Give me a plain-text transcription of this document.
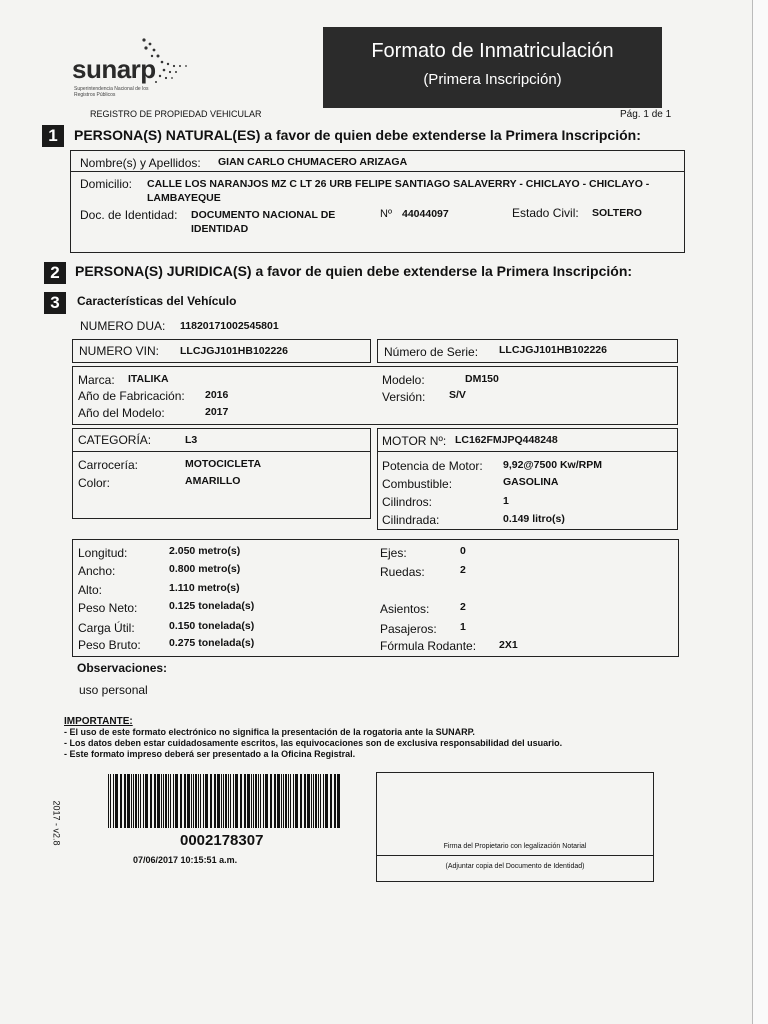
sunarp
Superintendencia Nacional de los Registros Públicos
Formato de Inmatriculación
(Primera Inscripción)
REGISTRO DE PROPIEDAD VEHICULAR	Pág. 1 de 1
1	PERSONA(S) NATURAL(ES) a favor de quien debe extenderse la Primera Inscripción:
Nombre(s) y Apellidos: GIAN CARLO CHUMACERO ARIZAGA
Domicilio: CALLE LOS NARANJOS MZ C LT 26 URB FELIPE SANTIAGO SALAVERRY - CHICLAYO - CHICLAYO - LAMBAYEQUE
Doc. de Identidad: DOCUMENTO NACIONAL DE IDENTIDAD
Nº 44044097	Estado Civil: SOLTERO
2	PERSONA(S) JURIDICA(S) a favor de quien debe extenderse la Primera Inscripción:
3	Características del Vehículo
NUMERO DUA: 11820171002545801
NUMERO VIN: LLCJGJ101HB102226	Número de Serie: LLCJGJ101HB102226
Marca: ITALIKA
Año de Fabricación: 2016
Año del Modelo:	2017
Modelo:	DM150
Versión: S/V
CATEGORÍA:	L3
Carrocería:	MOTOCICLETA
Color:	AMARILLO
MOTOR Nº: LC162FMJPQ448248
Potencia de Motor: 9,92@7500 Kw/RPM
Combustible:	GASOLINA
Cilindros:	1
Cilindrada:	0.149 litro(s)
Longitud:	2.050 metro(s)
Ancho:	0.800 metro(s)
Alto:	1.110 metro(s)
Peso Neto:	0.125 tonelada(s)
Carga Útil:	0.150 tonelada(s)
Peso Bruto:	0.275 tonelada(s)
Ejes:	0
Ruedas:	2
Asientos:	2
Pasajeros: 1
Fórmula Rodante: 2X1
Observaciones:
uso personal
IMPORTANTE:
- El uso de este formato electrónico no significa la presentación de la rogatoria ante la SUNARP.
- Los datos deben estar cuidadosamente escritos, las equivocaciones son de exclusiva responsabilidad del usuario.
- Este formato impreso deberá ser presentado a la Oficina Registral.
0002178307
07/06/2017 10:15:51 a.m.
2017 - v2.8
Firma del Propietario con legalización Notarial
(Adjuntar copia del Documento de Identidad)
